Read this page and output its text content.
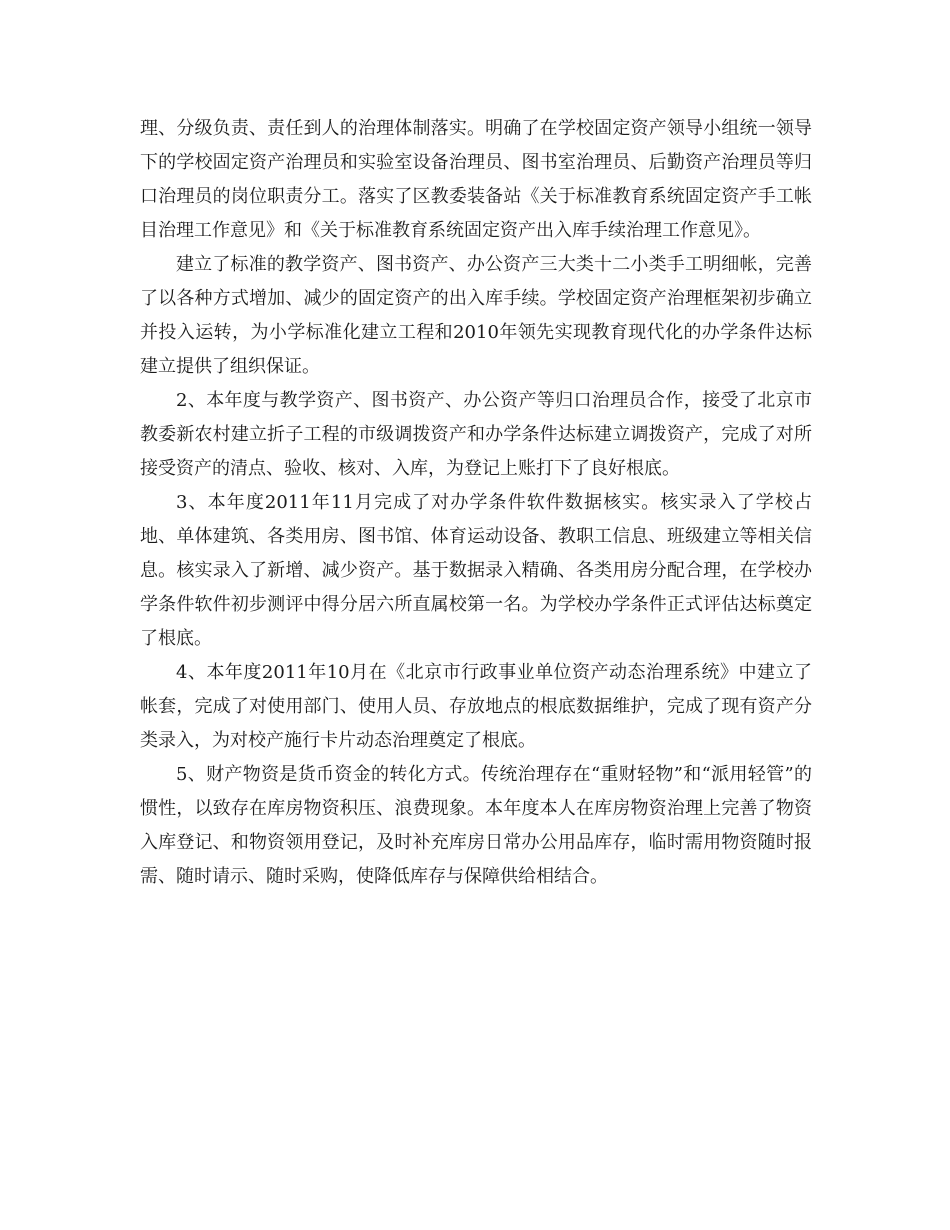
理、分级负责、责任到人的治理体制落实。明确了在学校固定资产领导小组统一领导下的学校固定资产治理员和实验室设备治理员、图书室治理员、后勤资产治理员等归口治理员的岗位职责分工。落实了区教委装备站《关于标准教育系统固定资产手工帐目治理工作意见》和《关于标准教育系统固定资产出入库手续治理工作意见》。

建立了标准的教学资产、图书资产、办公资产三大类十二小类手工明细帐，完善了以各种方式增加、减少的固定资产的出入库手续。学校固定资产治理框架初步确立并投入运转，为小学标准化建立工程和2010年领先实现教育现代化的办学条件达标建立提供了组织保证。

2、本年度与教学资产、图书资产、办公资产等归口治理员合作，接受了北京市教委新农村建立折子工程的市级调拨资产和办学条件达标建立调拨资产，完成了对所接受资产的清点、验收、核对、入库，为登记上账打下了良好根底。

3、本年度2011年11月完成了对办学条件软件数据核实。核实录入了学校占地、单体建筑、各类用房、图书馆、体育运动设备、教职工信息、班级建立等相关信息。核实录入了新增、减少资产。基于数据录入精确、各类用房分配合理，在学校办学条件软件初步测评中得分居六所直属校第一名。为学校办学条件正式评估达标奠定了根底。

4、本年度2011年10月在《北京市行政事业单位资产动态治理系统》中建立了帐套，完成了对使用部门、使用人员、存放地点的根底数据维护，完成了现有资产分类录入，为对校产施行卡片动态治理奠定了根底。

5、财产物资是货币资金的转化方式。传统治理存在“重财轻物”和“派用轻管”的惯性，以致存在库房物资积压、浪费现象。本年度本人在库房物资治理上完善了物资入库登记、和物资领用登记，及时补充库房日常办公用品库存，临时需用物资随时报需、随时请示、随时采购，使降低库存与保障供给相结合。
